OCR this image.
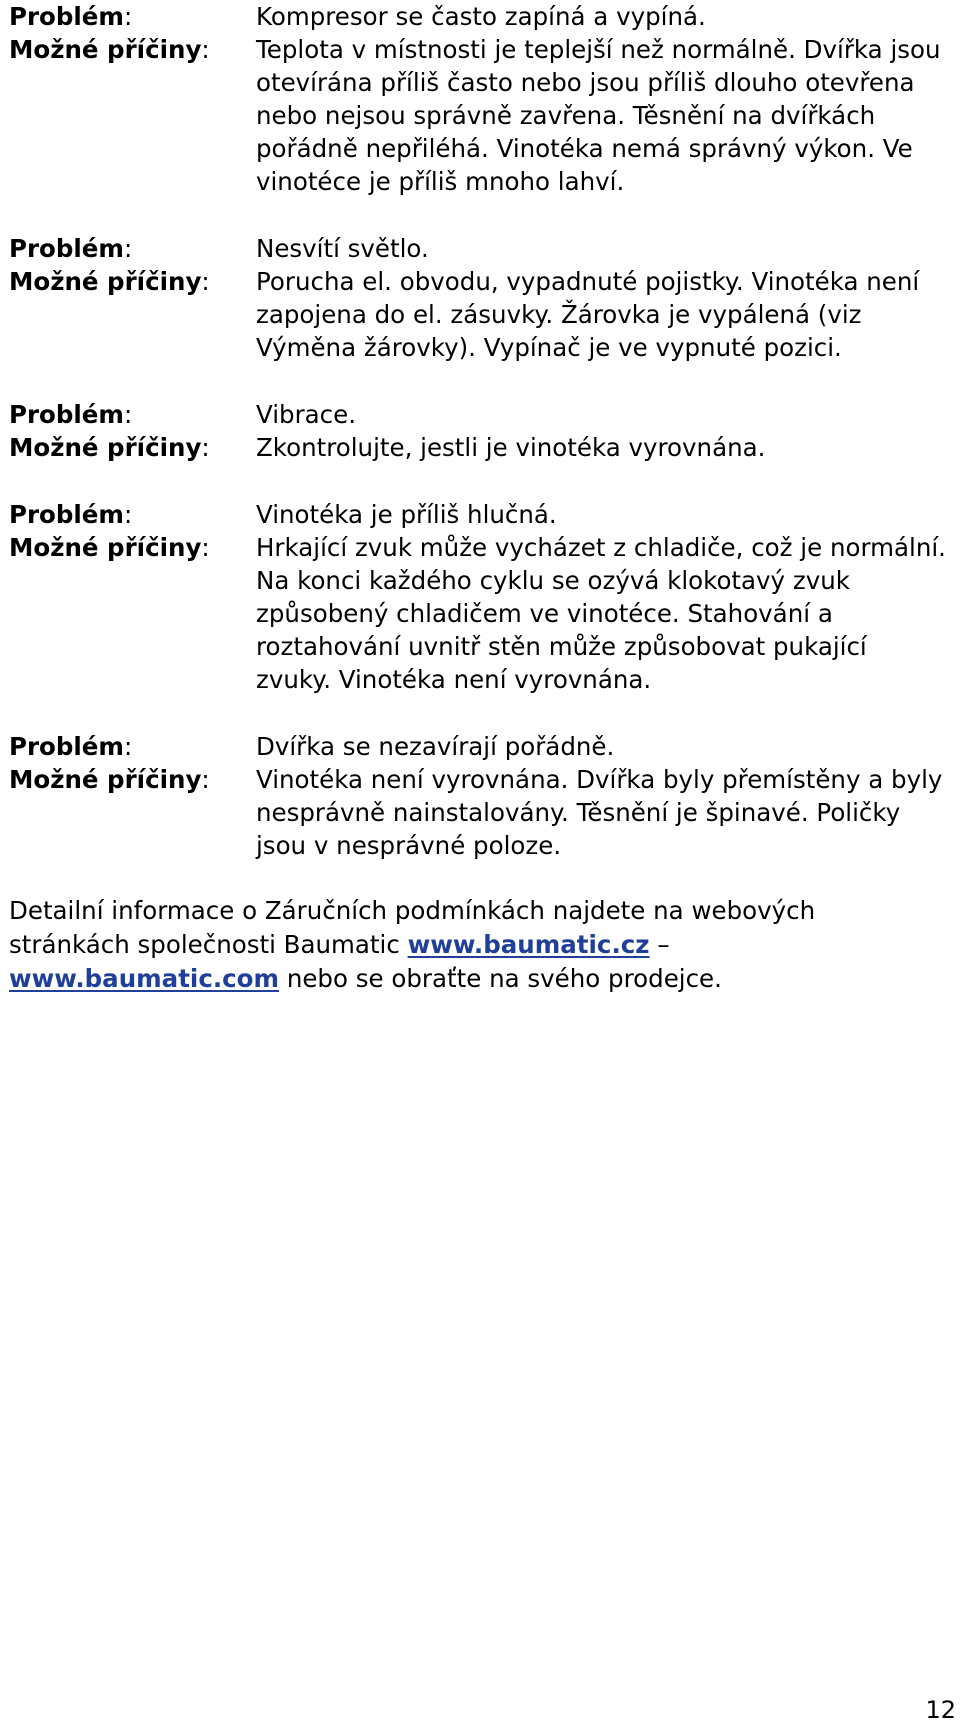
Problém:	Kompresor se často zapíná a vypíná.
Možné příčiny:	Teplota v místnosti je teplejší než normálně. Dvířka jsou otevírána příliš často nebo jsou příliš dlouho otevřena nebo nejsou správně zavřena. Těsnění na dvířkách pořádně nepřiléhá. Vinotéka nemá správný výkon. Ve vinotéce je příliš mnoho lahví.
Problém:	Nesvítí světlo.
Možné příčiny:	Porucha el. obvodu, vypadnuté pojistky. Vinotéka není zapojena do el. zásuvky. Žárovka je vypálená (viz Výměna žárovky). Vypínač je ve vypnuté pozici.
Problém:	Vibrace.
Možné příčiny:	Zkontrolujte, jestli je vinotéka vyrovnána.
Problém:	Vinotéka je příliš hlučná.
Možné příčiny:	Hrkající zvuk může vycházet z chladiče, což je normální. Na konci každého cyklu se ozývá klokotavý zvuk způsobený chladičem ve vinotéce. Stahování a roztahování uvnitř stěn může způsobovat pukající zvuky. Vinotéka není vyrovnána.
Problém:	Dvířka se nezavírají pořádně.
Možné příčiny:	Vinotéka není vyrovnána. Dvířka byly přemístěny a byly nesprávně nainstalovány. Těsnění je špinavé. Poličky jsou v nesprávné poloze.

Detailní informace o Záručních podmínkách najdete na webových stránkách společnosti Baumatic www.baumatic.cz – www.baumatic.com nebo se obraťte na svého prodejce.

12
